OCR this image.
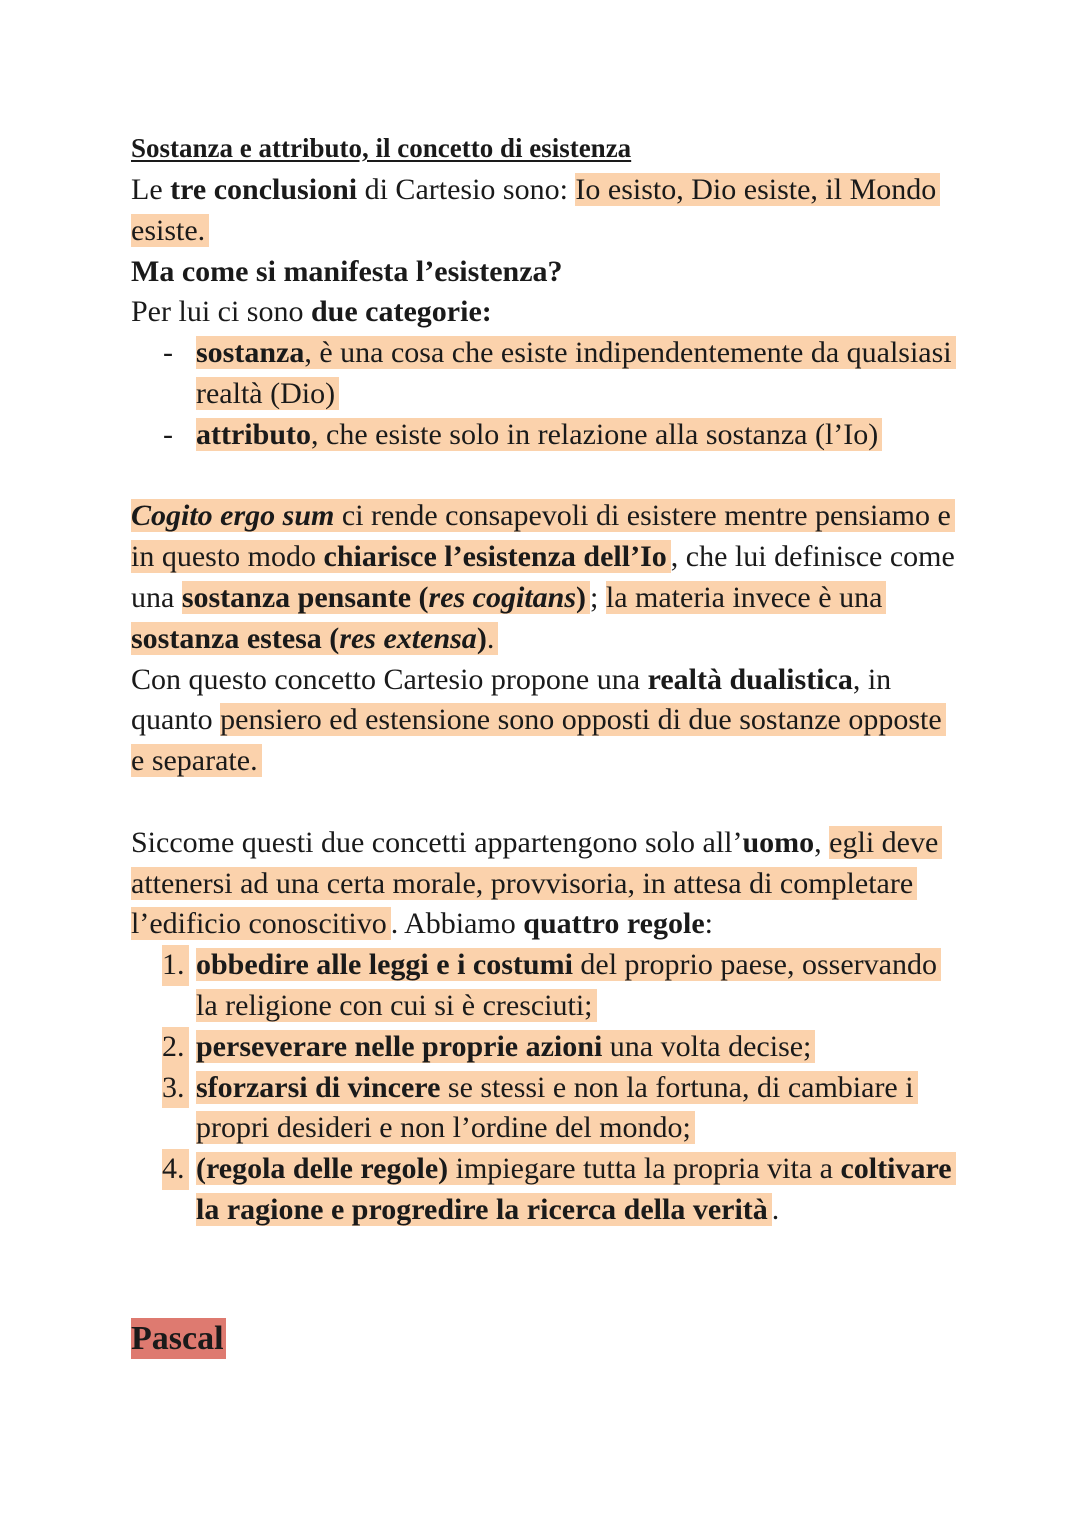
Sostanza e attributo, il concetto di esistenza

Le tre conclusioni di Cartesio sono: Io esisto, Dio esiste, il Mondo esiste.

Ma come si manifesta l’esistenza?

Per lui ci sono due categorie:

- sostanza, è una cosa che esiste indipendentemente da qualsiasi realtà (Dio)
- attributo, che esiste solo in relazione alla sostanza (l’Io)

Cogito ergo sum ci rende consapevoli di esistere mentre pensiamo e in questo modo chiarisce l’esistenza dell’Io , che lui definisce come una sostanza pensante (res cogitans) ; la materia invece è una sostanza estesa (res extensa).

Con questo concetto Cartesio propone una realtà dualistica, in quanto pensiero ed estensione sono opposti di due sostanze opposte e separate.

Siccome questi due concetti appartengono solo all’uomo, egli deve attenersi ad una certa morale, provvisoria, in attesa di completare l’edificio conoscitivo . Abbiamo quattro regole:

1. obbedire alle leggi e i costumi del proprio paese, osservando la religione con cui si è cresciuti;
2. perseverare nelle proprie azioni una volta decise;
3. sforzarsi di vincere se stessi e non la fortuna, di cambiare i propri desideri e non l’ordine del mondo;
4. (regola delle regole) impiegare tutta la propria vita a coltivare la ragione e progredire la ricerca della verità .
Pascal
